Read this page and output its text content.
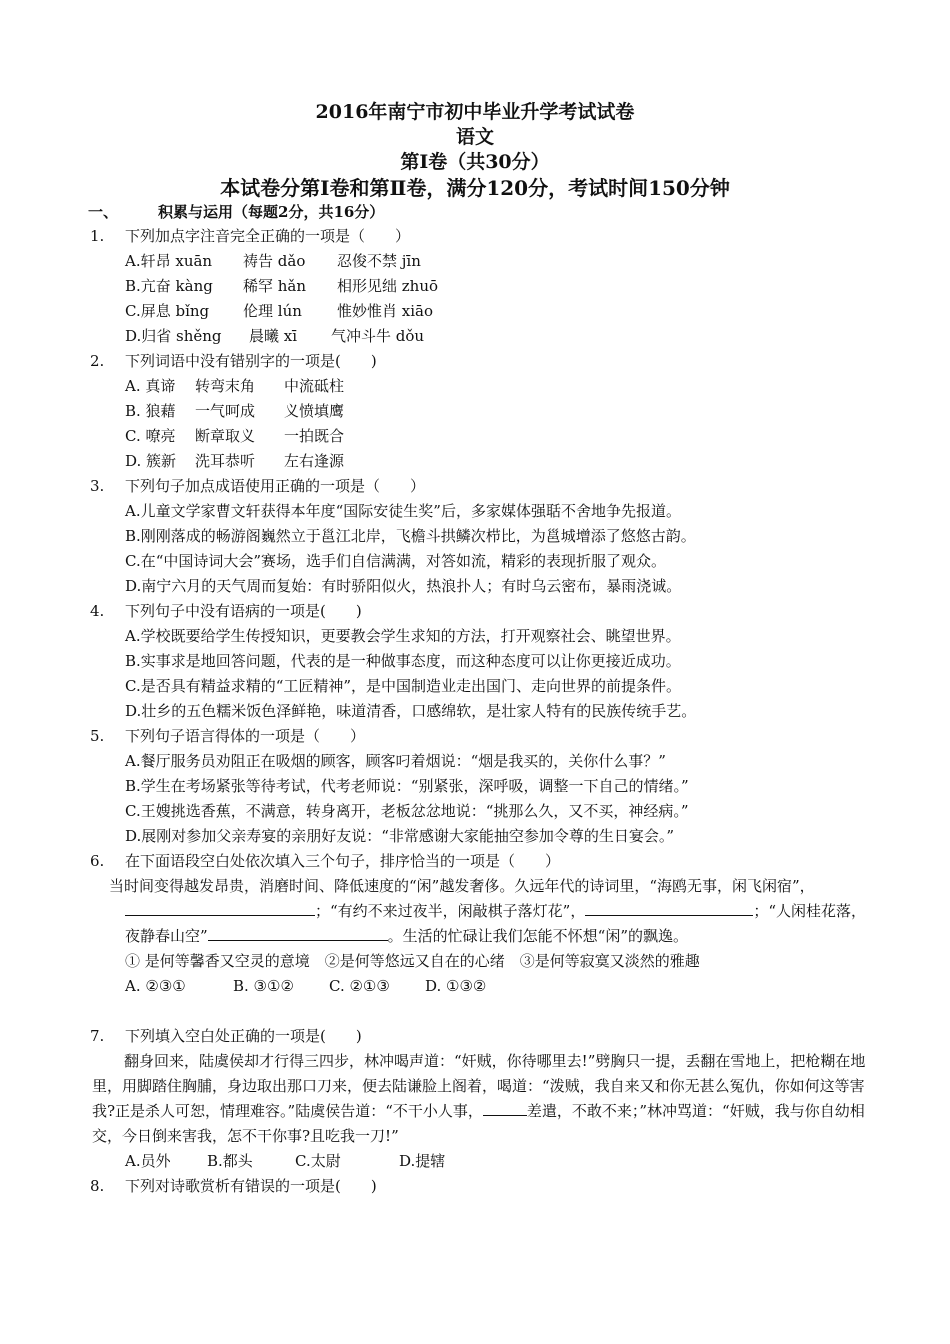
2016年南宁市初中毕业升学考试试卷
语文
第Ⅰ卷（共30分）
本试卷分第Ⅰ卷和第Ⅱ卷，满分120分，考试时间150分钟
一、	积累与运用（每题2分，共16分）
1. 下列加点字注音完全正确的一项是（　　）
A.轩昂 xuān 祷告 dǎo 忍俊不禁 jīn
B.亢奋 kàng 稀罕 hǎn 相形见绌 zhuō
C.屏息 bǐng 伦理 lún 惟妙惟肖 xiāo
D.归省 shěng 晨曦 xī 气冲斗牛 dǒu
2. 下列词语中没有错别字的一项是(　　)
A. 真谛 转弯末角 中流砥柱
B. 狼藉 一气呵成 义愤填鹰
C. 嘹亮 断章取义 一拍既合
D. 簇新 洗耳恭听 左右逢源
3. 下列句子加点成语使用正确的一项是（　　）
A.儿童文学家曹文轩获得本年度“国际安徒生奖”后，多家媒体强聒不舍地争先报道。
B.刚刚落成的畅游阁巍然立于邕江北岸，飞檐斗拱鳞次栉比，为邕城增添了悠悠古韵。
C.在“中国诗词大会”赛场，选手们自信满满，对答如流，精彩的表现折服了观众。
D.南宁六月的天气周而复始：有时骄阳似火，热浪扑人；有时乌云密布，暴雨浇诚。
4. 下列句子中没有语病的一项是(　　)
A.学校既要给学生传授知识，更要教会学生求知的方法，打开观察社会、眺望世界。
B.实事求是地回答问题，代表的是一种做事态度，而这种态度可以让你更接近成功。
C.是否具有精益求精的“工匠精神”，是中国制造业走出国门、走向世界的前提条件。
D.壮乡的五色糯米饭色泽鲜艳，味道清香，口感绵软，是壮家人特有的民族传统手艺。
5. 下列句子语言得体的一项是（　　）
A.餐厅服务员劝阻正在吸烟的顾客，顾客叼着烟说：“烟是我买的，关你什么事？”
B.学生在考场紧张等待考试，代考老师说：“别紧张，深呼吸，调整一下自己的情绪。”
C.王嫂挑选香蕉，不满意，转身离开，老板忿忿地说：“挑那么久，又不买，神经病。”
D.展刚对参加父亲寿宴的亲朋好友说：“非常感谢大家能抽空参加令尊的生日宴会。”
6. 在下面语段空白处依次填入三个句子，排序恰当的一项是（　　）
当时间变得越发昂贵，消磨时间、降低速度的“闲”越发奢侈。久远年代的诗词里，“海鸥无事，闲飞闲宿”，；“有约不来过夜半，闲敲棋子落灯花”，	；“人闲桂花落，夜静春山空”	。生活的忙碌让我们怎能不怀想“闲”的飘逸。
① 是何等馨香又空灵的意境　②是何等悠远又自在的心绪　③是何等寂寞又淡然的雅趣
A. ②③①	B. ③①② C. ②①③ D. ①③②
7. 下列填入空白处正确的一项是(　　)
翻身回来，陆虞侯却才行得三四步，林冲喝声道：“奸贼，你待哪里去!”劈胸只一提，丢翻在雪地上，把枪糊在地里，用脚踏住胸脯，身边取出那口刀来，便去陆谦脸上阁着，喝道：“泼贼，我自来又和你无甚么冤仇，你如何这等害我?正是杀人可恕，情理难容。”陆虞侯告道：“不干小人事，	差遣，不敢不来；”林冲骂道：“奸贼，我与你自幼相交，今日倒来害我，怎不干你事?且吃我一刀!”
A.员外 B.都头	C.太尉	D.提辖
8. 下列对诗歌赏析有错误的一项是(　　)
